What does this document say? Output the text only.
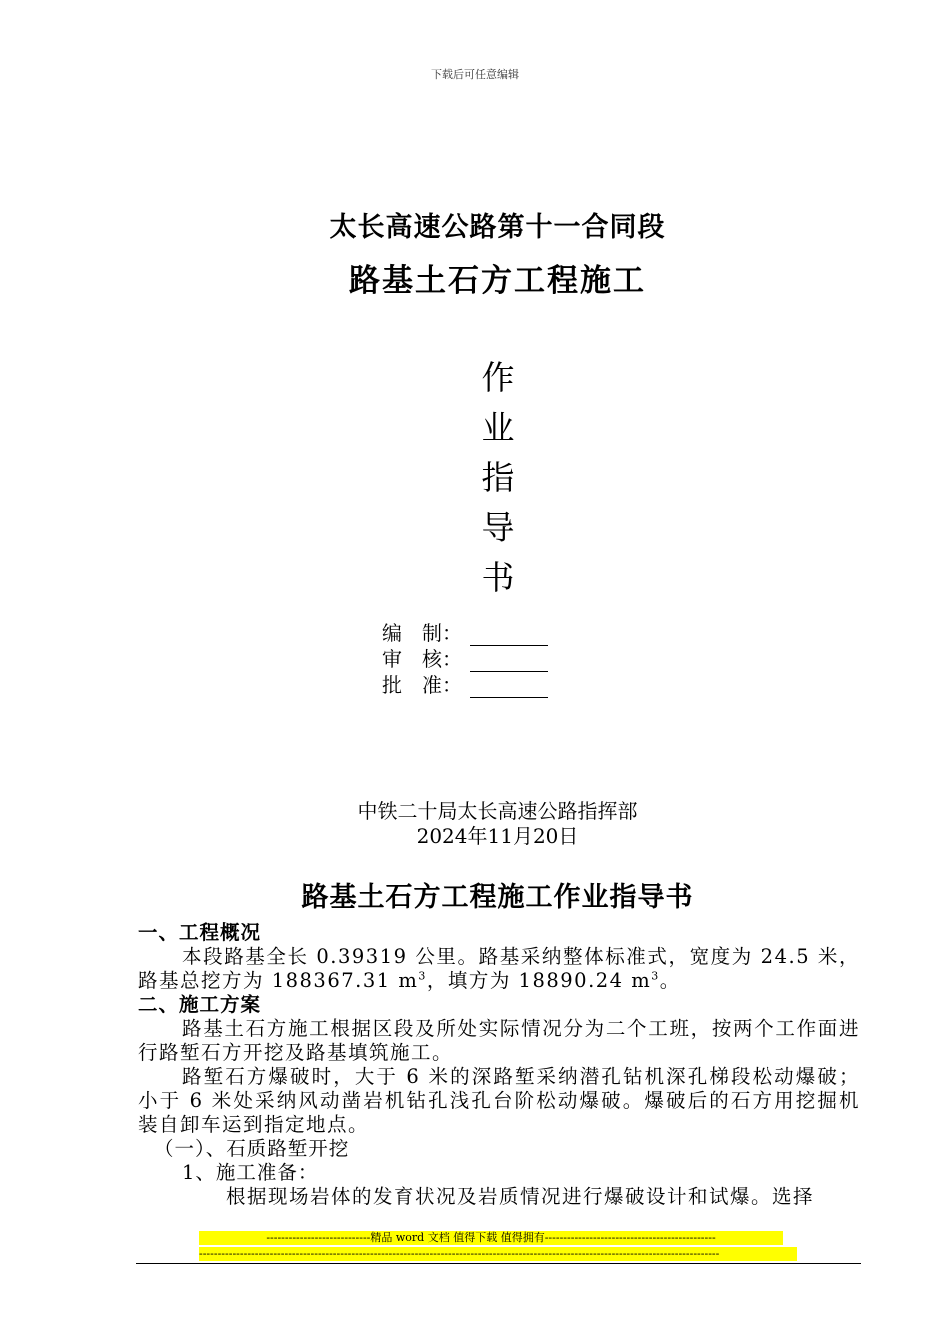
下载后可任意编辑
太长高速公路第十一合同段
路基土石方工程施工
作
业
指
导
书
编　制：
审　核：
批　准：
中铁二十局太长高速公路指挥部
2024年11月20日
路基土石方工程施工作业指导书
一、工程概况
本段路基全长 0.39319 公里。路基采纳整体标准式，宽度为 24.5 米，路基总挖方为 188367.31 $m^3$，填方为 18890.24 $m^3$。
二、施工方案
路基土石方施工根据区段及所处实际情况分为二个工班，按两个工作面进行路堑石方开挖及路基填筑施工。
路堑石方爆破时，大于 6 米的深路堑采纳潜孔钻机深孔梯段松动爆破；小于 6 米处采纳风动凿岩机钻孔浅孔台阶松动爆破。爆破后的石方用挖掘机装自卸车运到指定地点。
（一）、石质路堑开挖
1、施工准备：
根据现场岩体的发育状况及岩质情况进行爆破设计和试爆。选择
----------------------------精品 word 文档 值得下载 值得拥有----------------------------------------------
--------------------------------------------------------------------------------------------------------------------------------------------
